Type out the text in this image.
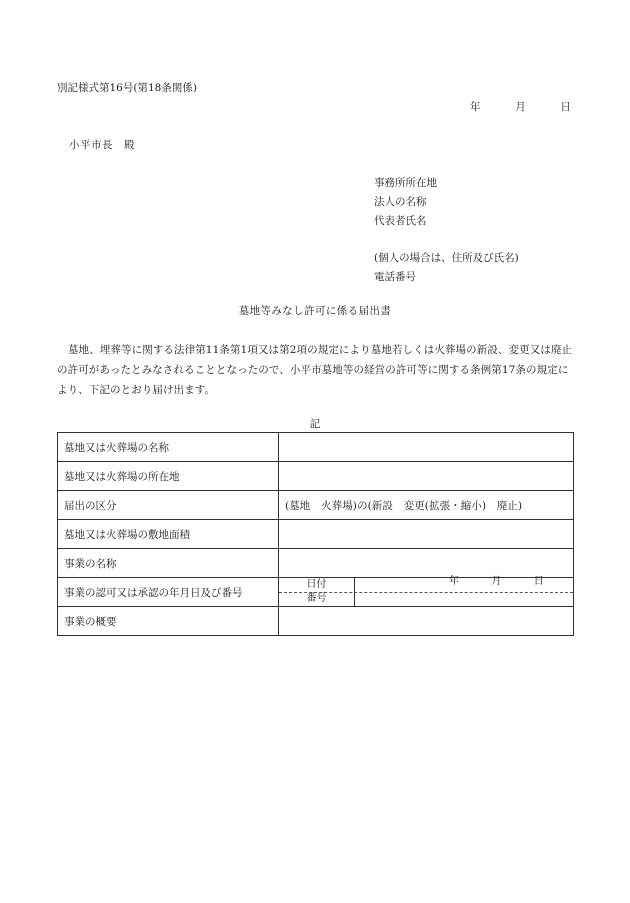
別記様式第16号(第18条関係)
年	月	日
小平市長　殿
事務所所在地
法人の名称
代表者氏名
(個人の場合は、住所及び氏名)
電話番号
墓地等みなし許可に係る届出書
墓地、埋葬等に関する法律第11条第1項又は第2項の規定により墓地若しくは火葬場の新設、変更又は廃止の許可があったとみなされることとなったので、小平市墓地等の経営の許可等に関する条例第17条の規定により、下記のとおり届け出ます。
記
墓地又は火葬場の名称	
墓地又は火葬場の所在地	
届出の区分	(墓地　火葬場)の(新設　変更(拡張・縮小)　廃止)
墓地又は火葬場の敷地面積	
事業の名称	
事業の認可又は承認の年月日及び番号	日付 年 月 日
番号

事業の概要	
